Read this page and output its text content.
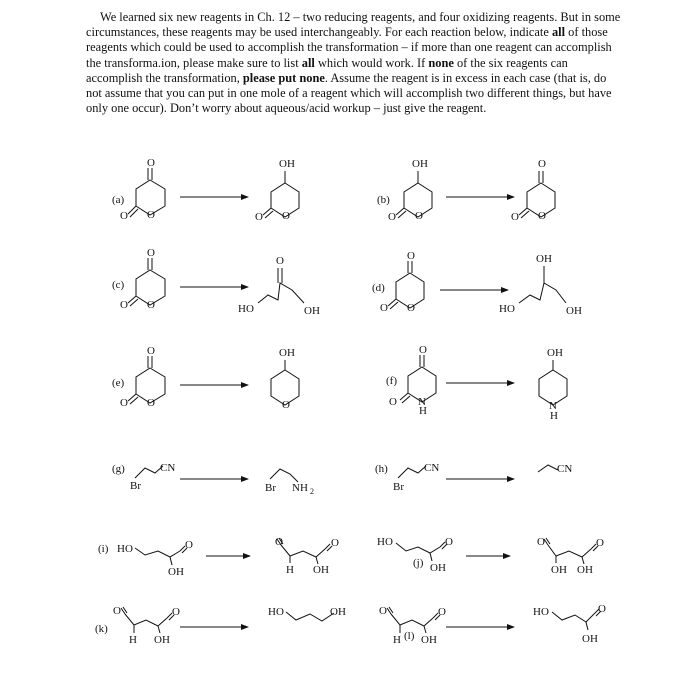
We learned six new reagents in Ch. 12 – two reducing reagents, and four oxidizing reagents. But in some circumstances, these reagents may be used interchangeably. For each reaction below, indicate all of those reagents which could be used to accomplish the transformation – if more than one reagent can accomplish the transforma.ion, please make sure to list all which would work. If none of the six reagents can accomplish the transformation, please put none. Assume the reagent is in excess in each case (that is, do not assume that you can put in one mole of a reagent which will accomplish two different things, but have only one occur). Don’t worry about aqueous/acid workup – just give the reagent.

(a)
O
O O
OH
O O
(b)
OH
O O
O
O O
(c)
O
O O
O
HO	OH
(d)
O
O O
OH
HO	OH
(e)
O
O O
OH
O
(f)
O
O N
H
OH
N
H
(g)	CN
Br	Br NH 2
(h)	CN
Br
CN
(i) HO	O
OH
O
H OH
O	HO	O
OH
(j)
O
OH OH
O
(k)
O
H OH
O	HO	OH	O
H OH
O
(l)
HO
OH
O
